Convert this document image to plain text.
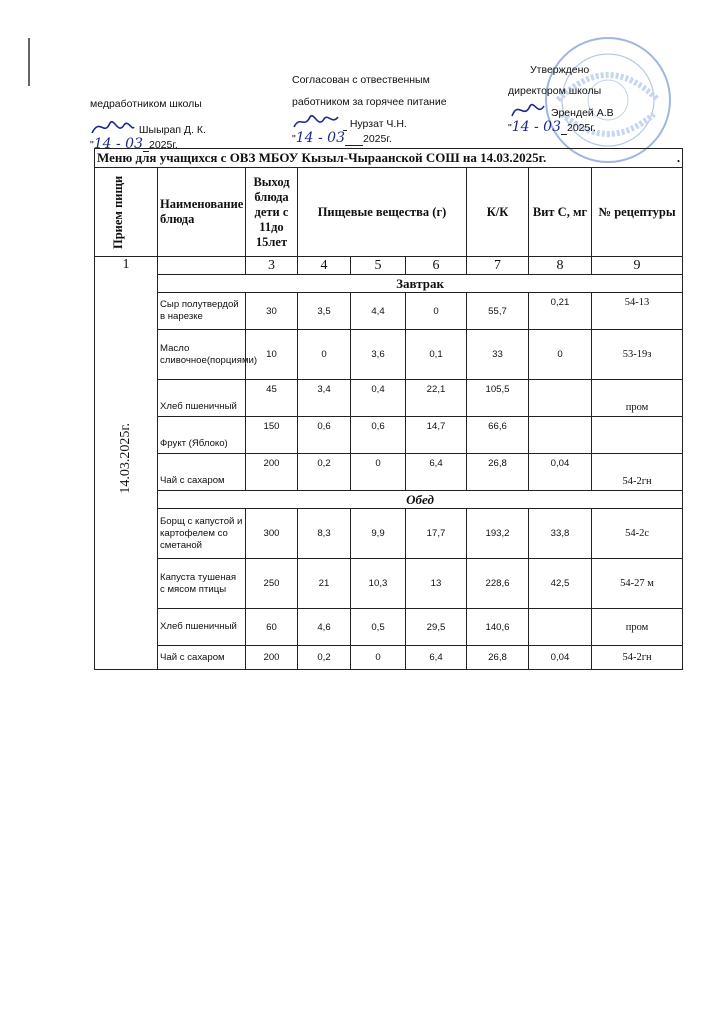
медработником школы
Шыырап Д. К.
"14 - 03 2025г.
Согласован с отвественным
работником за горячее питание
Нурзат Ч.Н.
"14 - 03 2025г.
Утверждено
директором школы
Эрендей А.В
"14 - 03 2025г.
Меню для учащихся с ОВЗ МБОУ Кызыл-Чыраанской СОШ на 14.03.2025г. .								

Прием пищи	Наименование блюда	Выход блюда дети с 11до 15лет	Пищевые вещества (г)			К/К	Вит С, мг	№ рецептуры

1
14.03.2025г.		3	4	5	6	7	8	9
	Завтрак							
	Сыр полутвердой в нарезке	30	3,5	4,4	0	55,7	0,21	54-13
	Масло сливочное(порциями)	10	0	3,6	0,1	33	0	53-19з
	Хлеб пшеничный	45	3,4	0,4	22,1	105,5		пром
	Фрукт (Яблоко)	150	0,6	0,6	14,7	66,6		
	Чай с сахаром	200	0,2	0	6,4	26,8	0,04	54-2гн
	Обед							
	Борщ с капустой и картофелем со сметаной	300	8,3	9,9	17,7	193,2	33,8	54-2с
	Капуста тушеная с мясом птицы	250	21	10,3	13	228,6	42,5	54-27 м
	Хлеб пшеничный	60	4,6	0,5	29,5	140,6		пром
	Чай с сахаром	200	0,2	0	6,4	26,8	0,04	54-2гн
